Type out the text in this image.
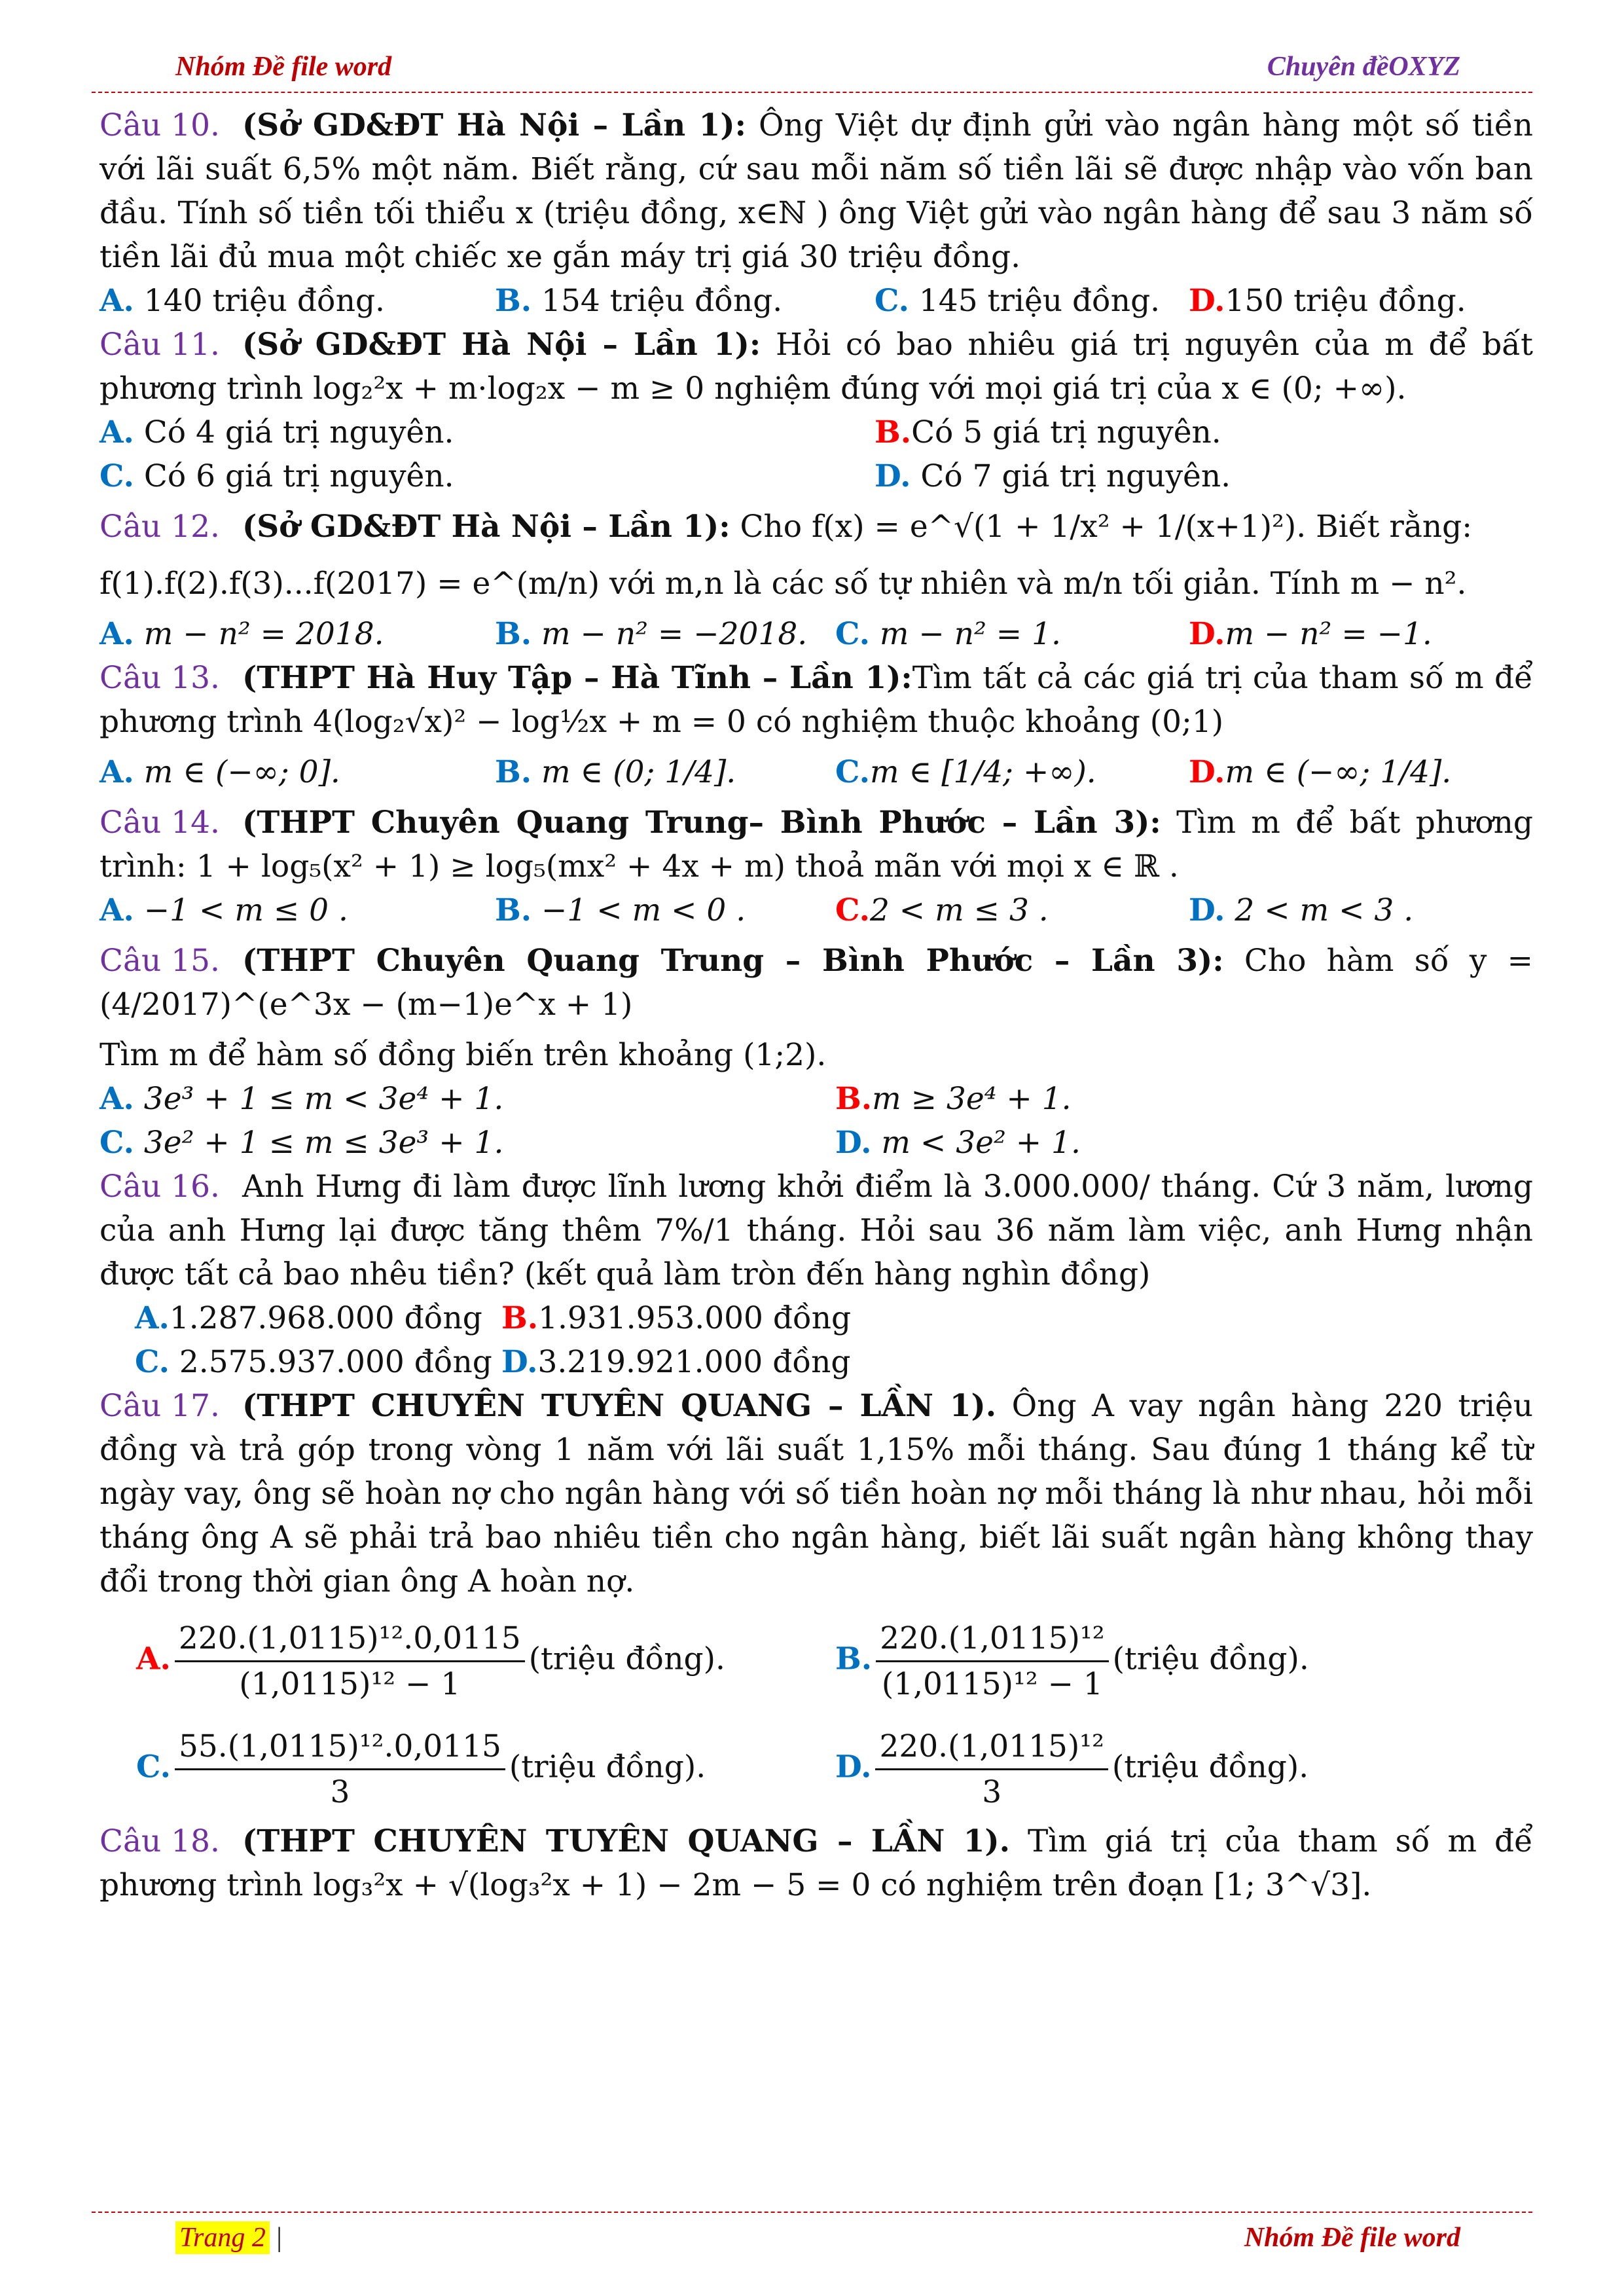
Nhóm Đề file word	Chuyên đềOXYZ

Câu 10. (Sở GD&ĐT Hà Nội – Lần 1): Ông Việt dự định gửi vào ngân hàng một số tiền với lãi suất 6,5% một năm. Biết rằng, cứ sau mỗi năm số tiền lãi sẽ được nhập vào vốn ban đầu. Tính số tiền tối thiểu x (triệu đồng, x∈ℕ ) ông Việt gửi vào ngân hàng để sau 3 năm số tiền lãi đủ mua một chiếc xe gắn máy trị giá 30 triệu đồng.

A. 140 triệu đồng.	B. 154 triệu đồng.	C. 145 triệu đồng. D.150 triệu đồng.

Câu 11. (Sở GD&ĐT Hà Nội – Lần 1): Hỏi có bao nhiêu giá trị nguyên của m để bất phương trình log₂²x + m·log₂x − m ≥ 0 nghiệm đúng với mọi giá trị của x ∈ (0; +∞).

A. Có 4 giá trị nguyên.	B.Có 5 giá trị nguyên.
C. Có 6 giá trị nguyên.	D. Có 7 giá trị nguyên.

Câu 12. (Sở GD&ĐT Hà Nội – Lần 1): Cho f(x) = e^√(1 + 1/x² + 1/(x+1)²). Biết rằng:

f(1).f(2).f(3)...f(2017) = e^(m/n) với m,n là các số tự nhiên và m/n tối giản. Tính m − n².

A. m − n² = 2018.	B. m − n² = −2018. C. m − n² = 1.	D.m − n² = −1.

Câu 13. (THPT Hà Huy Tập – Hà Tĩnh – Lần 1):Tìm tất cả các giá trị của tham số m để phương trình 4(log₂√x)² − log½x + m = 0 có nghiệm thuộc khoảng (0;1)

A. m ∈ (−∞; 0].	B. m ∈ (0; 1/4].	C.m ∈ [1/4; +∞).	D.m ∈ (−∞; 1/4].

Câu 14. (THPT Chuyên Quang Trung– Bình Phước – Lần 3): Tìm m để bất phương trình: 1 + log₅(x² + 1) ≥ log₅(mx² + 4x + m) thoả mãn với mọi x ∈ ℝ .

A. −1 < m ≤ 0 .	B. −1 < m < 0 .	C.2 < m ≤ 3 .	D. 2 < m < 3 .

Câu 15. (THPT Chuyên Quang Trung – Bình Phước – Lần 3): Cho hàm số y = (4/2017)^(e^3x − (m−1)e^x + 1)

Tìm m để hàm số đồng biến trên khoảng (1;2).

A. 3e³ + 1 ≤ m < 3e⁴ + 1.	B.m ≥ 3e⁴ + 1.
C. 3e² + 1 ≤ m ≤ 3e³ + 1.	D. m < 3e² + 1.

Câu 16. Anh Hưng đi làm được lĩnh lương khởi điểm là 3.000.000/ tháng. Cứ 3 năm, lương của anh Hưng lại được tăng thêm 7%/1 tháng. Hỏi sau 36 năm làm việc, anh Hưng nhận được tất cả bao nhêu tiền? (kết quả làm tròn đến hàng nghìn đồng)

A.1.287.968.000 đồng B.1.931.953.000 đồng
C. 2.575.937.000 đồng D.3.219.921.000 đồng

Câu 17. (THPT CHUYÊN TUYÊN QUANG – LẦN 1). Ông A vay ngân hàng 220 triệu đồng và trả góp trong vòng 1 năm với lãi suất 1,15% mỗi tháng. Sau đúng 1 tháng kể từ ngày vay, ông sẽ hoàn nợ cho ngân hàng với số tiền hoàn nợ mỗi tháng là như nhau, hỏi mỗi tháng ông A sẽ phải trả bao nhiêu tiền cho ngân hàng, biết lãi suất ngân hàng không thay đổi trong thời gian ông A hoàn nợ.

A. $\frac{\text{220.(1,0115)¹².0,0115}}{\text{(1,0115)¹² − 1}}$ (triệu đồng).	B. $\frac{\text{220.(1,0115)¹²}}{\text{(1,0115)¹² − 1}}$ (triệu đồng).
C. $\frac{\text{55.(1,0115)¹².0,0115}}{3}$ (triệu đồng).	D. $\frac{\text{220.(1,0115)¹²}}{3}$ (triệu đồng).

Câu 18. (THPT CHUYÊN TUYÊN QUANG – LẦN 1). Tìm giá trị của tham số m để phương trình log₃²x + √(log₃²x + 1) − 2m − 5 = 0 có nghiệm trên đoạn [1; 3^√3].

Trang 2 |	Nhóm Đề file word
